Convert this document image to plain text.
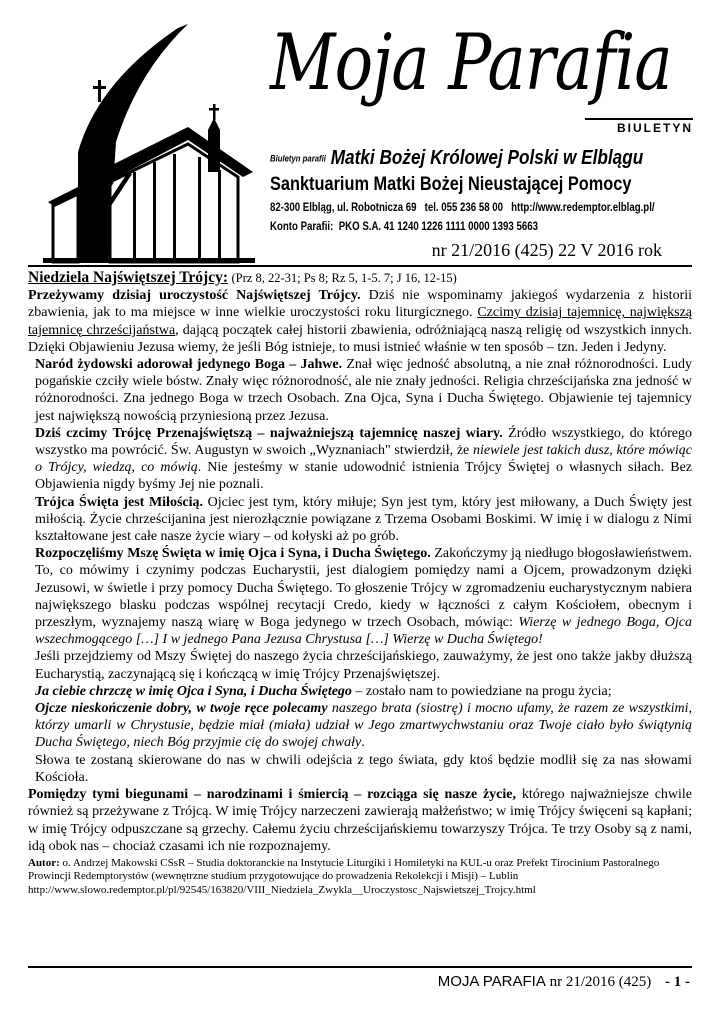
Moja Parafia
BIULETYN
Biuletyn parafii Matki Bożej Królowej Polski w Elblągu
Sanktuarium Matki Bożej Nieustającej Pomocy
82-300 Elbląg, ul. Robotnicza 69 tel. 055 236 58 00 http://www.redemptor.elblag.pl/
Konto Parafii: PKO S.A. 41 1240 1226 1111 0000 1393 5663
nr 21/2016 (425) 22 V 2016 rok

Niedziela Najświętszej Trójcy: (Prz 8, 22-31; Ps 8; Rz 5, 1-5. 7; J 16, 12-15)

Przeżywamy dzisiaj uroczystość Najświętszej Trójcy. Dziś nie wspominamy jakiegoś wydarzenia z historii zbawienia, jak to ma miejsce w inne wielkie uroczystości roku liturgicznego. Czcimy dzisiaj tajemnicę, największą tajemnicę chrześcijaństwa, dającą początek całej historii zbawienia, odróżniającą naszą religię od wszystkich innych. Dzięki Objawieniu Jezusa wiemy, że jeśli Bóg istnieje, to musi istnieć właśnie w ten sposób – tzn. Jeden i Jedyny.

Naród żydowski adorował jedynego Boga – Jahwe. Znał więc jedność absolutną, a nie znał różnorodności. Ludy pogańskie czciły wiele bóstw. Znały więc różnorodność, ale nie znały jedności. Religia chrześcijańska zna jedność w różnorodności. Zna jednego Boga w trzech Osobach. Zna Ojca, Syna i Ducha Świętego. Objawienie tej tajemnicy jest największą nowością przyniesioną przez Jezusa.

Dziś czcimy Trójcę Przenajświętszą – najważniejszą tajemnicę naszej wiary. Źródło wszystkiego, do którego wszystko ma powrócić. Św. Augustyn w swoich „Wyznaniach" stwierdził, że niewiele jest takich dusz, które mówiąc o Trójcy, wiedzą, co mówią. Nie jesteśmy w stanie udowodnić istnienia Trójcy Świętej o własnych siłach. Bez Objawienia nigdy byśmy Jej nie poznali.

Trójca Święta jest Miłością. Ojciec jest tym, który miłuje; Syn jest tym, który jest miłowany, a Duch Święty jest miłością. Życie chrześcijanina jest nierozłącznie powiązane z Trzema Osobami Boskimi. W imię i w dialogu z Nimi kształtowane jest całe nasze życie wiary – od kołyski aż po grób.

Rozpoczęliśmy Mszę Święta w imię Ojca i Syna, i Ducha Świętego. Zakończymy ją niedługo błogosławieństwem. To, co mówimy i czynimy podczas Eucharystii, jest dialogiem pomiędzy nami a Ojcem, prowadzonym dzięki Jezusowi, w świetle i przy pomocy Ducha Świętego. To głoszenie Trójcy w zgromadzeniu eucharystycznym nabiera największego blasku podczas wspólnej recytacji Credo, kiedy w łączności z całym Kościołem, obecnym i przeszłym, wyznajemy naszą wiarę w Boga jedynego w trzech Osobach, mówiąc: Wierzę w jednego Boga, Ojca wszechmogącego […] I w jednego Pana Jezusa Chrystusa […] Wierzę w Ducha Świętego!

Jeśli przejdziemy od Mszy Świętej do naszego życia chrześcijańskiego, zauważymy, że jest ono także jakby dłuższą Eucharystią, zaczynającą się i kończącą w imię Trójcy Przenajświętszej.

Ja ciebie chrzczę w imię Ojca i Syna, i Ducha Świętego – zostało nam to powiedziane na progu życia;

Ojcze nieskończenie dobry, w twoje ręce polecamy naszego brata (siostrę) i mocno ufamy, że razem ze wszystkimi, którzy umarli w Chrystusie, będzie miał (miała) udział w Jego zmartwychwstaniu oraz Twoje ciało było świątynią Ducha Świętego, niech Bóg przyjmie cię do swojej chwały.

Słowa te zostaną skierowane do nas w chwili odejścia z tego świata, gdy ktoś będzie modlił się za nas słowami Kościoła.

Pomiędzy tymi biegunami – narodzinami i śmiercią – rozciąga się nasze życie, którego najważniejsze chwile również są przeżywane z Trójcą. W imię Trójcy narzeczeni zawierają małżeństwo; w imię Trójcy święceni są kapłani; w imię Trójcy odpuszczane są grzechy. Całemu życiu chrześcijańskiemu towarzyszy Trójca. Te trzy Osoby są z nami, idą obok nas – chociaż czasami ich nie rozpoznajemy.

Autor: o. Andrzej Makowski CSsR – Studia doktoranckie na Instytucie Liturgiki i Homiletyki na KUL-u oraz Prefekt Tirocinium Pastoralnego Prowincji Redemptorystów (wewnętrzne studium przygotowujące do prowadzenia Rekolekcji i Misji) – Lublin http://www.slowo.redemptor.pl/pl/92545/163820/VIII_Niedziela_Zwykla__Uroczystosc_Najswietszej_Trojcy.html

MOJA PARAFIA nr 21/2016 (425) - 1 -
